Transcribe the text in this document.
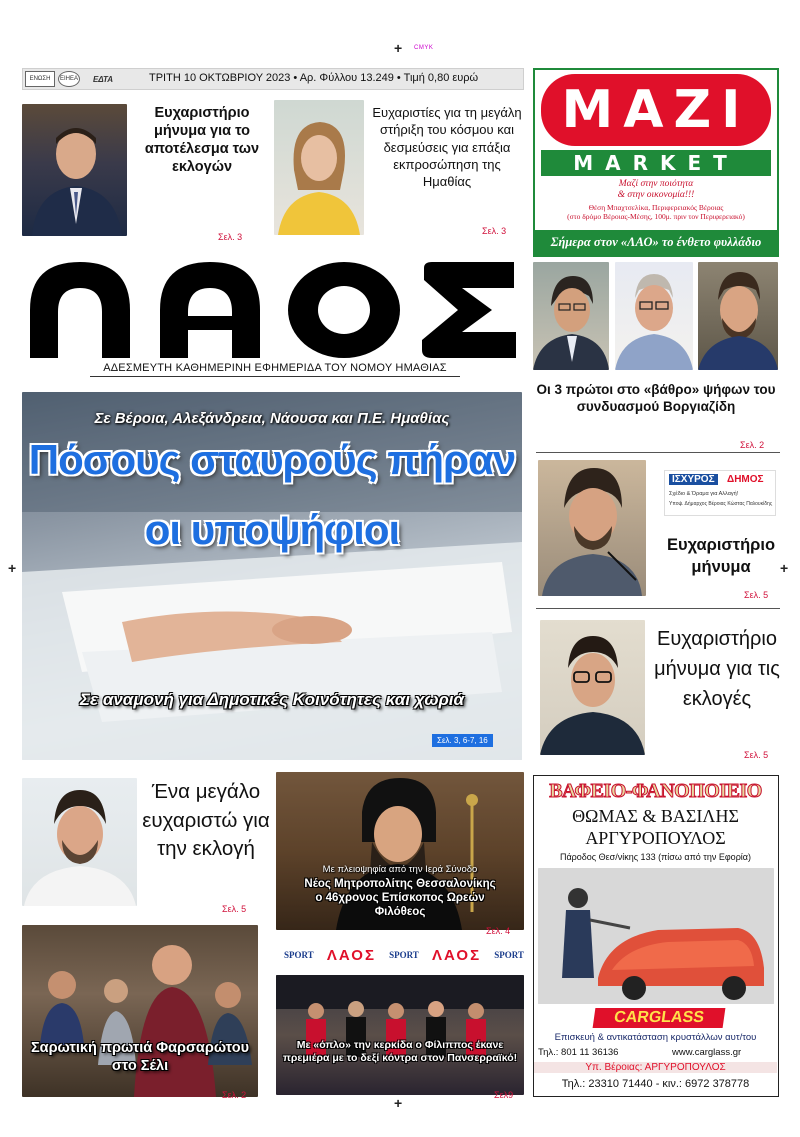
+ CMYK
+	+
+
ΕΝΩΣΗ	ΕΙΗΕΑ	ΕΔΤΑ	ΤΡΙΤΗ 10 ΟΚΤΩΒΡΙΟΥ 2023 • Αρ. Φύλλου 13.249 • Τιμή 0,80 ευρώ
Ευχαριστήριο μήνυμα για το αποτέλεσμα των εκλογών
Σελ. 3
Ευχαριστίες για τη μεγάλη στήριξη του κόσμου και δεσμεύσεις για επάξια εκπροσώπηση της Ημαθίας
Σελ. 3
ΑΔΕΣΜΕΥΤΗ ΚΑΘΗΜΕΡΙΝΗ ΕΦΗΜΕΡΙΔΑ ΤΟΥ ΝΟΜΟΥ ΗΜΑΘΙΑΣ
MAZI
MARKET
Μαζί στην ποιότητα
& στην οικονομία!!!
Θέση Μπαχτσελίκα, Περιφερειακός Βέροιας
(στο δρόμο Βέροιας-Μέσης, 100μ. πριν τον Περιφερειακό)
Σήμερα στον «ΛΑΟ» το ένθετο φυλλάδιο
Οι 3 πρώτοι στο «βάθρο» ψήφων του συνδυασμού Βοργιαζίδη
Σελ. 2
Σε Βέροια, Αλεξάνδρεια, Νάουσα και Π.Ε. Ημαθίας
Πόσους σταυρούς πήραν
οι υποψήφιοι
Σε αναμονή για Δημοτικές Κοινότητες και χωριά
Σελ. 3, 6-7, 16
ΙΣΧΥΡΟΣ	ΔΗΜΟΣ
Σχέδιο & Όραμα για Αλλαγή!
Υποψ. Δήμαρχος Βέροιας Κώστας Παλουκίδης
Ευχαριστήριο μήνυμα
Σελ. 5
Ευχαριστήριο μήνυμα για τις εκλογές
Σελ. 5
Ένα μεγάλο ευχαριστώ για την εκλογή
Σελ. 5
Με πλειοψηφία από την Ιερά Σύνοδο
Νέος Μητροπολίτης Θεσσαλονίκης ο 46χρονος Επίσκοπος Ωρεών Φιλόθεος
Σελ. 4
SPORT ΛΑΟΣ SPORT ΛΑΟΣ SPORT
Σαρωτική πρωτιά Φαρσαρώτου στο Σέλι
Σελ. 2
Με «όπλο» την κερκίδα ο Φίλιππος έκανε πρεμιέρα με το δεξί κόντρα στον Πανσερραϊκό!
Σελ9
ΒΑΦΕΙΟ-ΦΑΝΟΠΟΙΕΙΟ
ΘΩΜΑΣ & ΒΑΣΙΛΗΣ
ΑΡΓΥΡΟΠΟΥΛΟΣ
Πάροδος Θεσ/νίκης 133 (πίσω από την Εφορία)
CARGLASS
Επισκευή & αντικατάσταση κρυστάλλων αυτ/του
Τηλ.: 801 11 36136	www.carglass.gr
Υπ. Βέροιας: ΑΡΓΥΡΟΠΟΥΛΟΣ
Τηλ.: 23310 71440 - κιν.: 6972 378778
